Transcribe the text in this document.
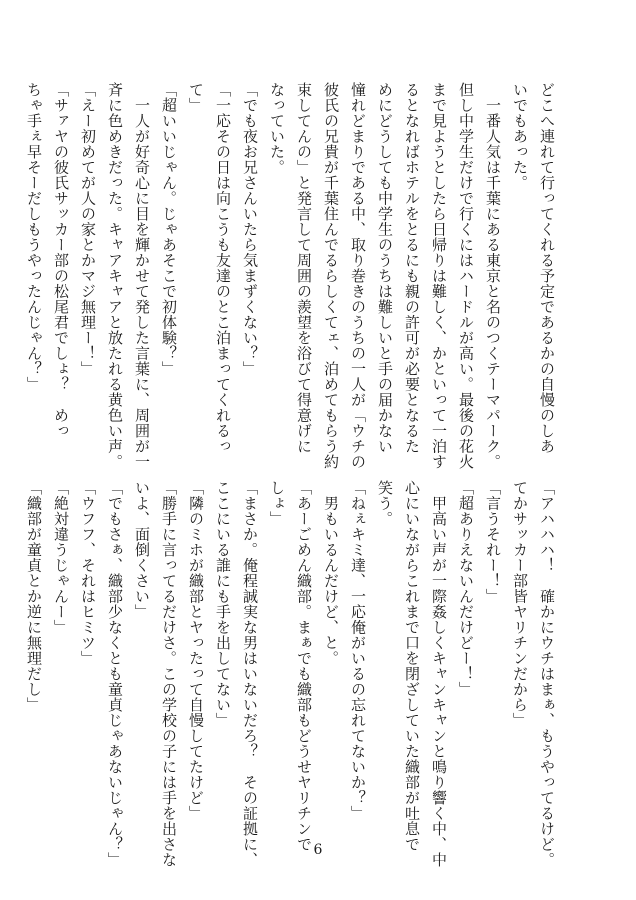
どこへ連れて行ってくれる予定であるかの自慢のしあ
いでもあった。
　一番人気は千葉にある東京と名のつくテーマパーク。
但し中学生だけで行くにはハードルが高い。最後の花火
まで見ようとしたら日帰りは難しく、かといって一泊す
るとなればホテルをとるにも親の許可が必要となるた
めにどうしても中学生のうちは難しいと手の届かない
憧れどまりである中、取り巻きのうちの一人が「ウチの
彼氏の兄貴が千葉住んでるらしくてェ、泊めてもらう約
束してんの」と発言して周囲の羨望を浴びて得意げに
なっていた。
「でも夜お兄さんいたら気まずくない？」
「一応その日は向こうも友達のとこ泊まってくれるっ
て」
「超いいじゃん。じゃあそこで初体験？」
　一人が好奇心に目を輝かせて発した言葉に、周囲が一
斉に色めきだった。キャアキャアと放たれる黄色い声。
「えー初めてが人の家とかマジ無理ー！」
「サァヤの彼氏サッカー部の松尾君でしょ？　めっ
ちゃ手ぇ早そーだしもうやったんじゃん？」
「アハハハ！　確かにウチはまぁ、もうやってるけど。
てかサッカー部皆ヤリチンだから」
「言うそれー！」
「超ありえないんだけどー！」
　甲高い声が一際姦しくキャンキャンと鳴り響く中、中
心にいながらこれまで口を閉ざしていた織部が吐息で
笑う。
「ねぇキミ達、一応俺がいるの忘れてないか？」
　男もいるんだけど、と。
「あーごめん織部。まぁでも織部もどうせヤリチンで
しょ」
「まさか。俺程誠実な男はいないだろ？　その証拠に、
ここにいる誰にも手を出してない」
「隣のミホが織部とヤったって自慢してたけど」
「勝手に言ってるだけさ。この学校の子には手を出さな
いよ、面倒くさい」
「でもさぁ、織部少なくとも童貞じゃあないじゃん？」
「ウフフ、それはヒミツ」
「絶対違うじゃんー」
「織部が童貞とか逆に無理だし」
6
